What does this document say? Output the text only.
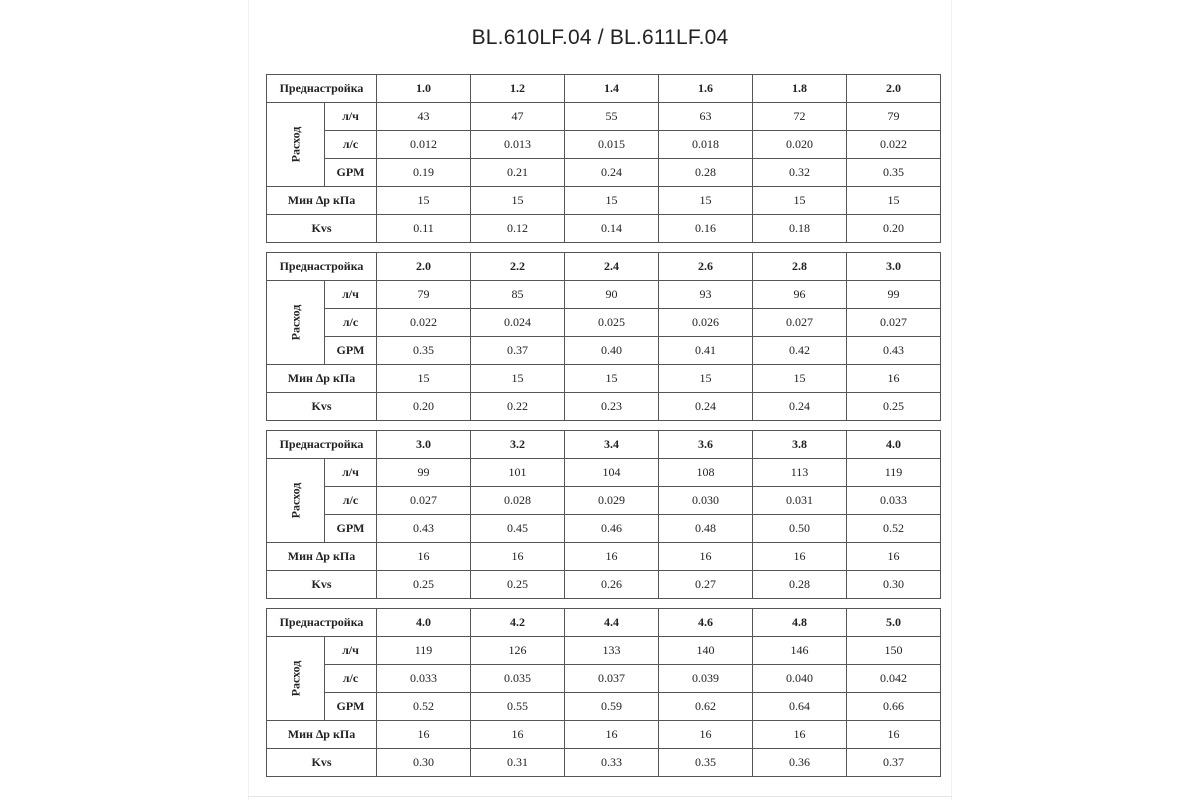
BL.610LF.04 / BL.611LF.04
Преднастройка		1.0	1.2	1.4	1.6	1.8	2.0
Расход	л/ч	43	47	55	63	72	79
	л/с	0.012	0.013	0.015	0.018	0.020	0.022
	GPM	0.19	0.21	0.24	0.28	0.32	0.35
Мин ∆р кПа		15	15	15	15	15	15
Kvs		0.11	0.12	0.14	0.16	0.18	0.20
Преднастройка		2.0	2.2	2.4	2.6	2.8	3.0
Расход	л/ч	79	85	90	93	96	99
	л/с	0.022	0.024	0.025	0.026	0.027	0.027
	GPM	0.35	0.37	0.40	0.41	0.42	0.43
Мин ∆р кПа		15	15	15	15	15	16
Kvs		0.20	0.22	0.23	0.24	0.24	0.25
Преднастройка		3.0	3.2	3.4	3.6	3.8	4.0
Расход	л/ч	99	101	104	108	113	119
	л/с	0.027	0.028	0.029	0.030	0.031	0.033
	GPM	0.43	0.45	0.46	0.48	0.50	0.52
Мин ∆р кПа		16	16	16	16	16	16
Kvs		0.25	0.25	0.26	0.27	0.28	0.30
Преднастройка		4.0	4.2	4.4	4.6	4.8	5.0
Расход	л/ч	119	126	133	140	146	150
	л/с	0.033	0.035	0.037	0.039	0.040	0.042
	GPM	0.52	0.55	0.59	0.62	0.64	0.66
Мин ∆р кПа		16	16	16	16	16	16
Kvs		0.30	0.31	0.33	0.35	0.36	0.37
